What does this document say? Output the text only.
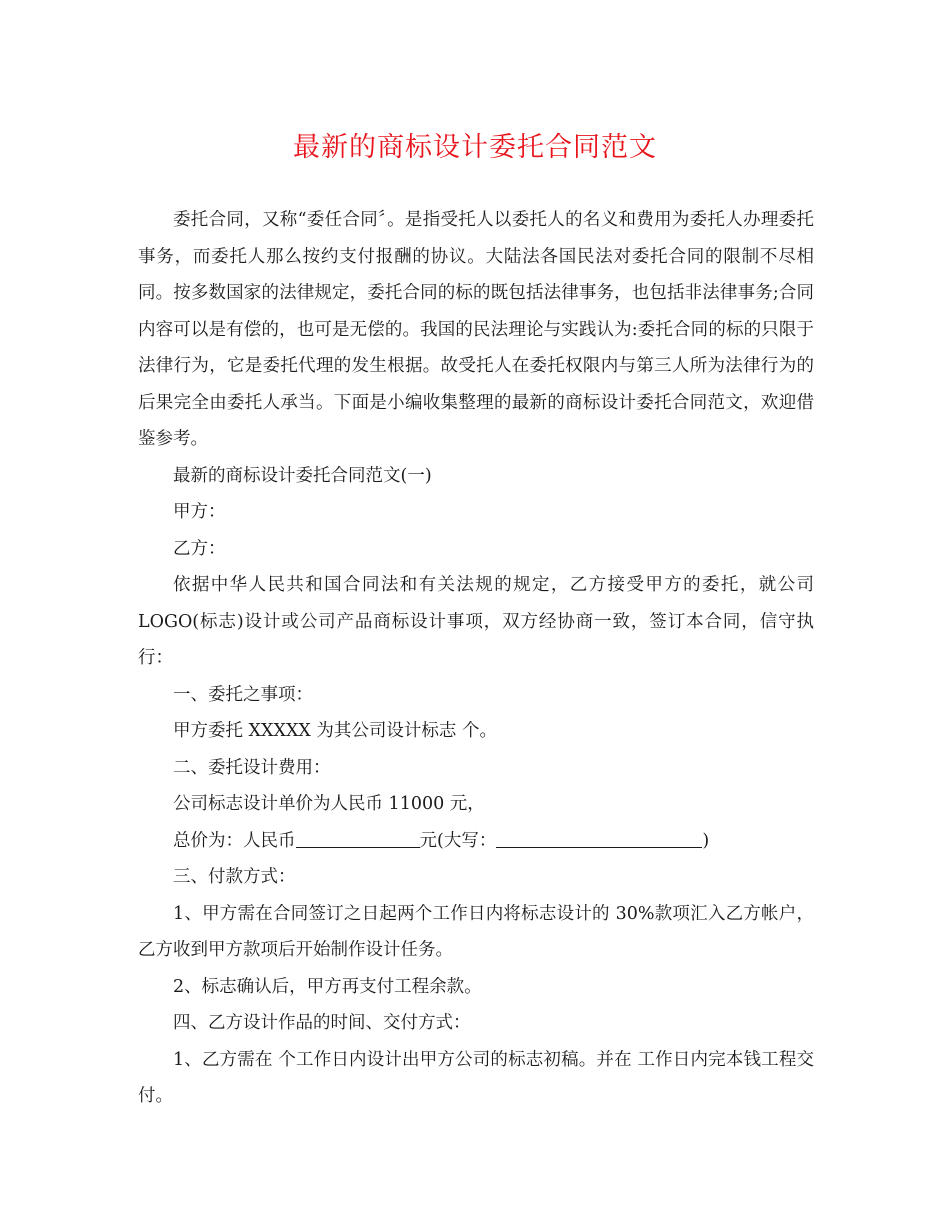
最新的商标设计委托合同范文

委托合同，又称“委任合同〞。是指受托人以委托人的名义和费用为委托人办理委托事务，而委托人那么按约支付报酬的协议。大陆法各国民法对委托合同的限制不尽相同。按多数国家的法律规定，委托合同的标的既包括法律事务，也包括非法律事务;合同内容可以是有偿的，也可是无偿的。我国的民法理论与实践认为:委托合同的标的只限于法律行为，它是委托代理的发生根据。故受托人在委托权限内与第三人所为法律行为的后果完全由委托人承当。下面是小编收集整理的最新的商标设计委托合同范文，欢迎借鉴参考。

最新的商标设计委托合同范文(一)

甲方：

乙方：

依据中华人民共和国合同法和有关法规的规定，乙方接受甲方的委托，就公司LOGO(标志)设计或公司产品商标设计事项，双方经协商一致，签订本合同，信守执行：

一、委托之事项：

甲方委托 XXXXX 为其公司设计标志 个。

二、委托设计费用：

公司标志设计单价为人民币 11000 元，

总价为：人民币	元(大写：	)

三、付款方式：

1、甲方需在合同签订之日起两个工作日内将标志设计的 30%款项汇入乙方帐户，乙方收到甲方款项后开始制作设计任务。

2、标志确认后，甲方再支付工程余款。

四、乙方设计作品的时间、交付方式：

1、乙方需在 个工作日内设计出甲方公司的标志初稿。并在 工作日内完本钱工程交付。
